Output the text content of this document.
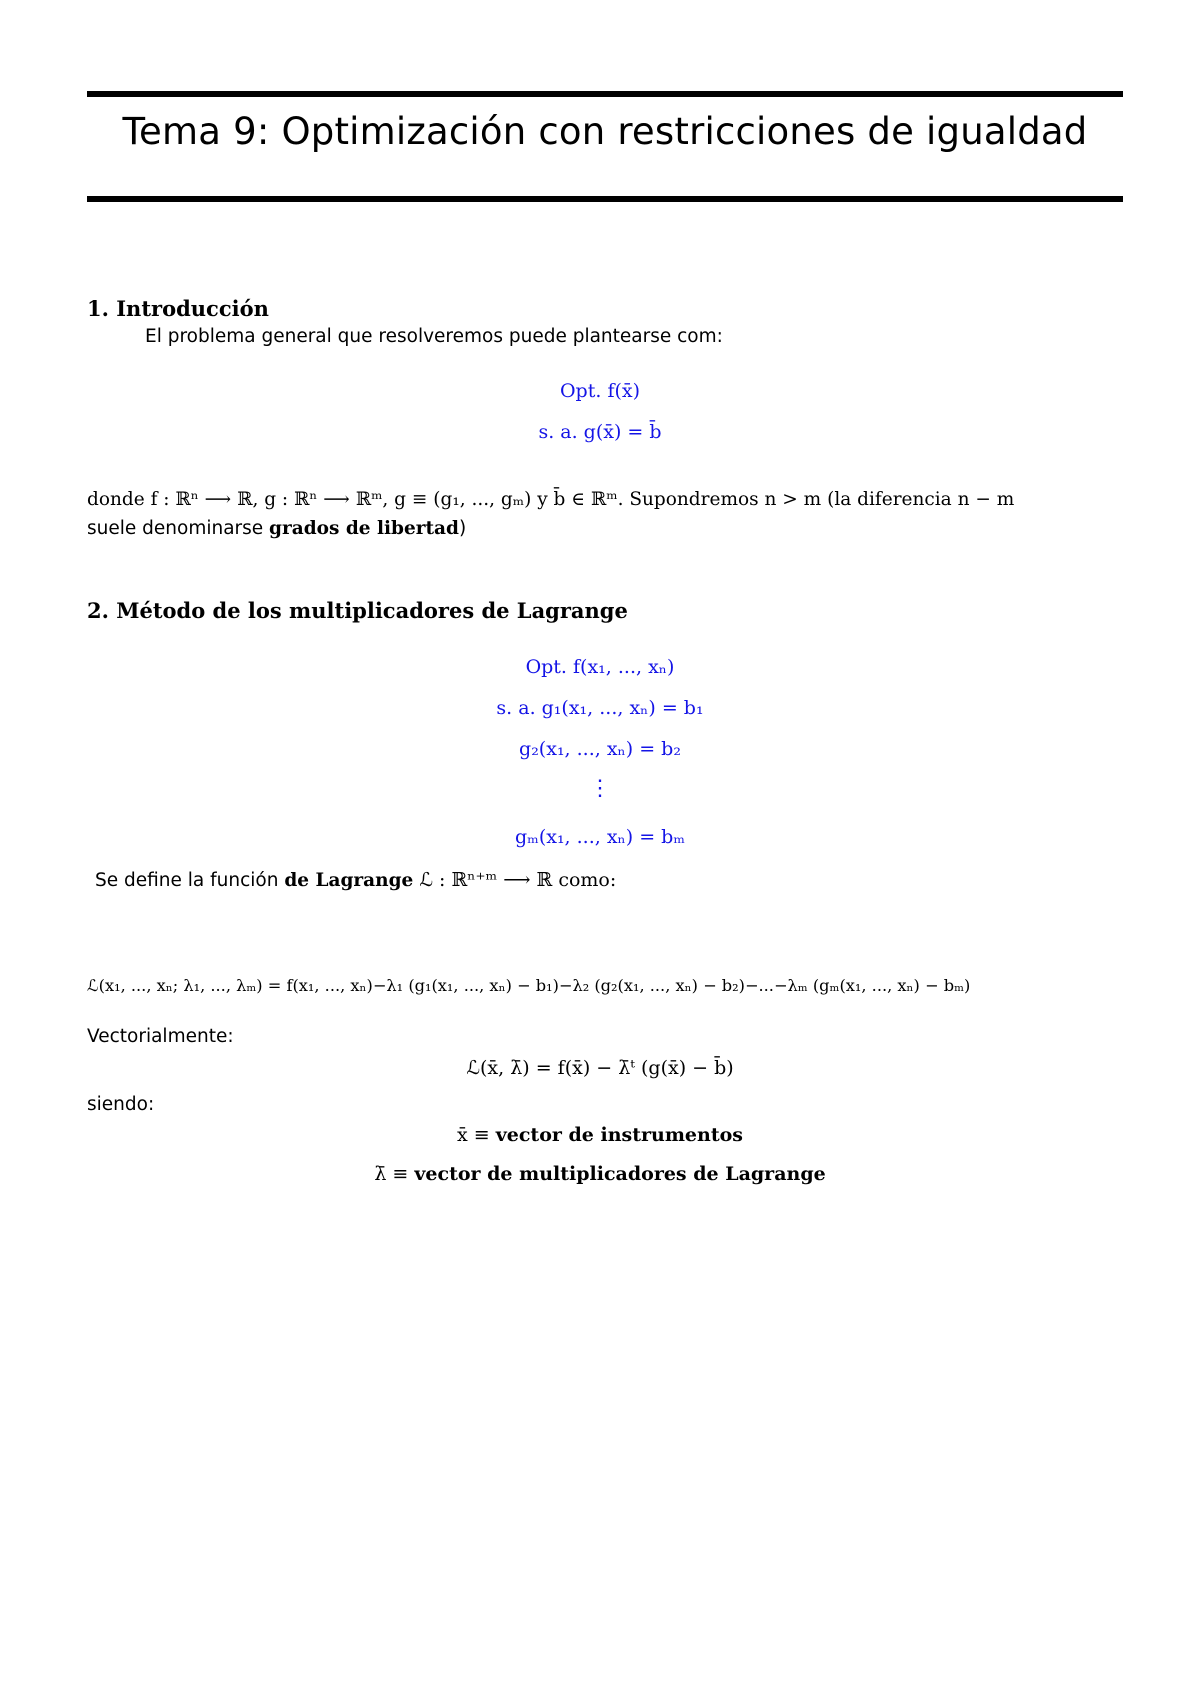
Tema 9: Optimización con restricciones de igualdad
1. Introducción
El problema general que resolveremos puede plantearse com:
Opt. f(x̄)
s. a. g(x̄) = b̄
donde f : ℝⁿ ⟶ ℝ, g : ℝⁿ ⟶ ℝᵐ, g ≡ (g₁, ..., gₘ) y b̄ ∈ ℝᵐ. Supondremos n > m (la diferencia n − m
suele denominarse grados de libertad)
2. Método de los multiplicadores de Lagrange
Opt. f(x₁, ..., xₙ)
s. a. g₁(x₁, ..., xₙ) = b₁
g₂(x₁, ..., xₙ) = b₂
⋮
gₘ(x₁, ..., xₙ) = bₘ
Se define la función de Lagrange ℒ : ℝⁿ⁺ᵐ ⟶ ℝ como:
ℒ(x₁, ..., xₙ; λ₁, ..., λₘ) = f(x₁, ..., xₙ)−λ₁ (g₁(x₁, ..., xₙ) − b₁)−λ₂ (g₂(x₁, ..., xₙ) − b₂)−...−λₘ (gₘ(x₁, ..., xₙ) − bₘ)
Vectorialmente:
ℒ(x̄, λ̄) = f(x̄) − λ̄ᵗ (g(x̄) − b̄)
siendo:
x̄ ≡ vector de instrumentos
λ̄ ≡ vector de multiplicadores de Lagrange
